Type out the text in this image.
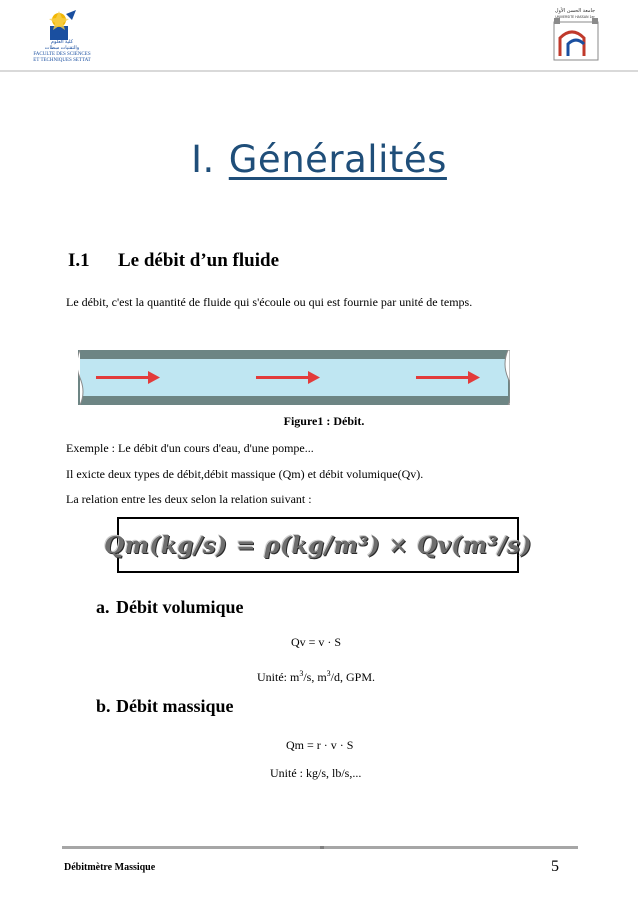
كلية العلوم
والتقنيات سطات
FACULTE DES SCIENCES
ET TECHNIQUES SETTAT
جامعة الحسن الأول
UNIVERSITE HASSAN 1er
I. Généralités
I.1 Le débit d’un fluide
Le débit, c'est la quantité de fluide qui s'écoule ou qui est fournie par unité de temps.
Figure1 : Débit.
Exemple : Le débit d'un cours d'eau, d'une pompe...
Il exicte deux types de débit,débit massique (Qm) et débit volumique(Qv).
La relation entre les deux selon la relation suivant :
Qm(kg/s) = ρ(kg/m³) × Qv(m³/s)
a. Débit volumique
Qv = v · S
Unité: $m^3/s$, $m^3/d$, GPM.
b. Débit massique
Qm = r · v · S
Unité : kg/s, lb/s,...
Débitmètre Massique	5
